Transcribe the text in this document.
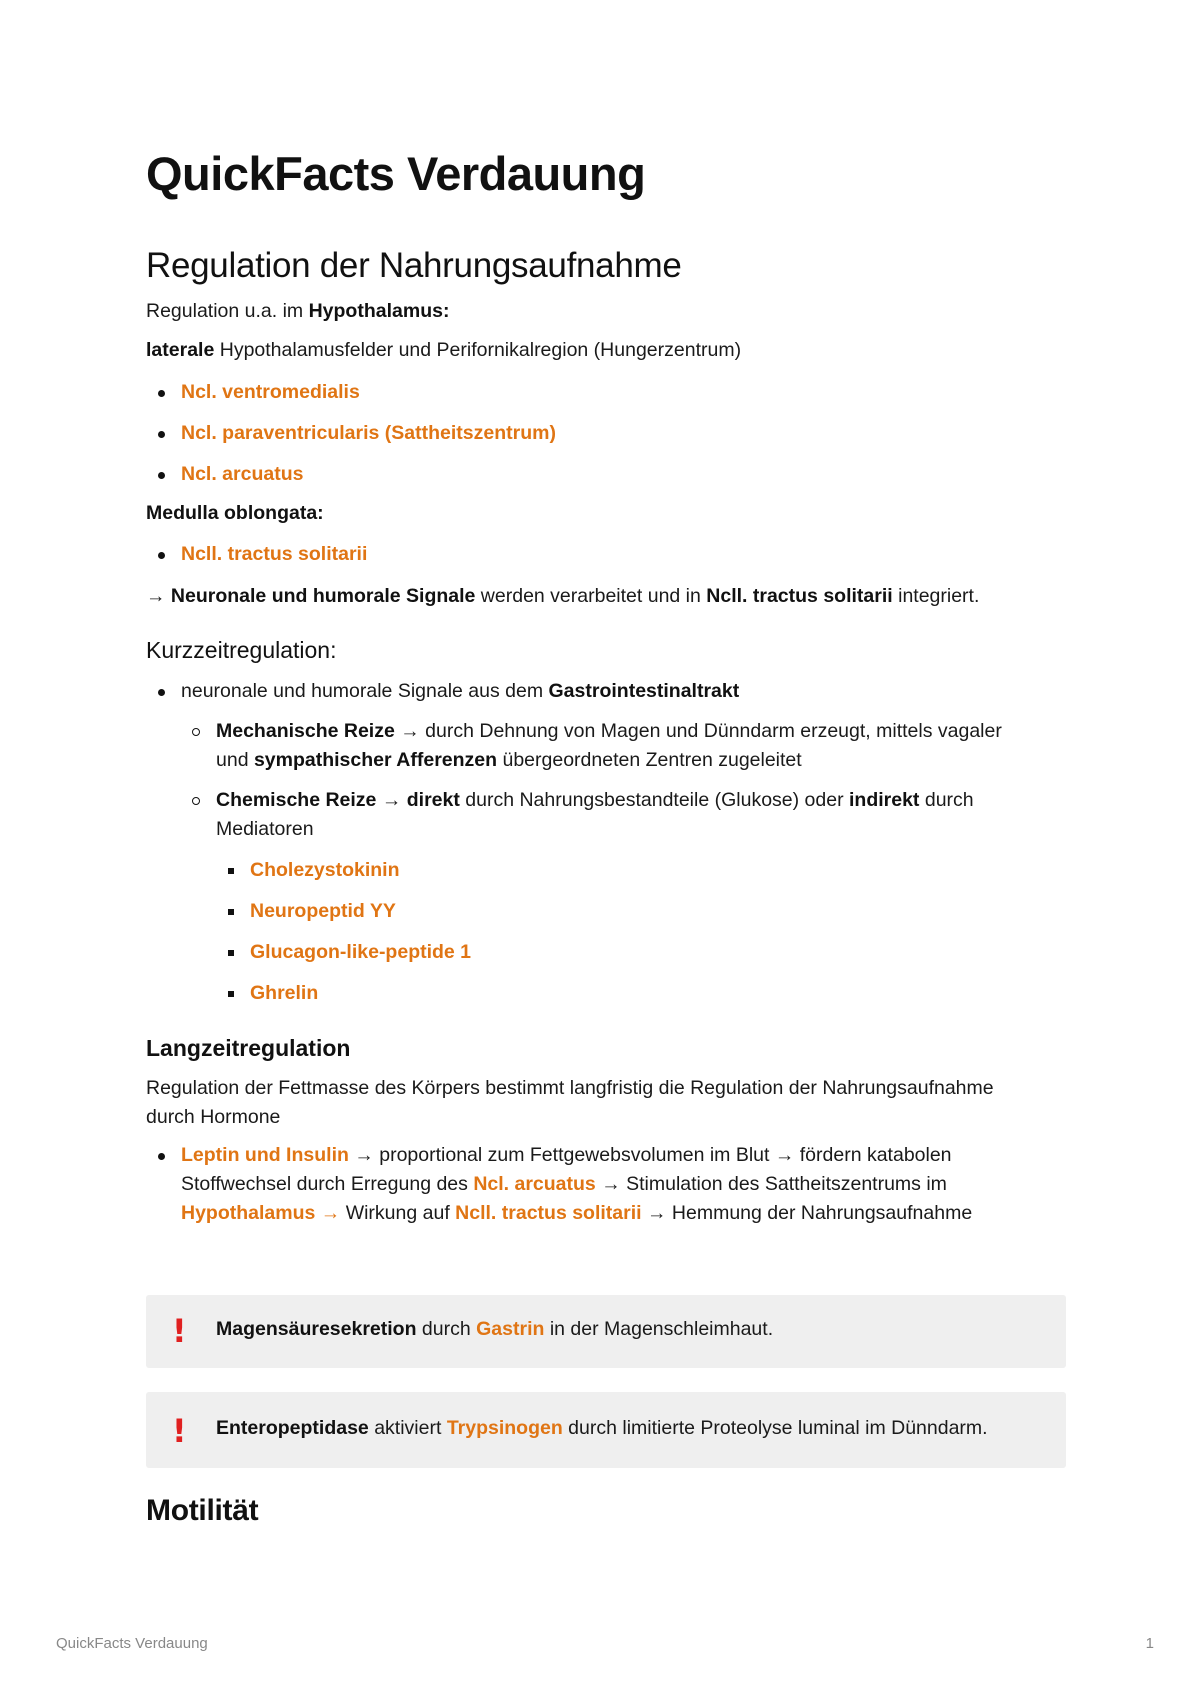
QuickFacts Verdauung
Regulation der Nahrungsaufnahme
Regulation u.a. im Hypothalamus:
laterale Hypothalamusfelder und Perifornikalregion (Hungerzentrum)
Ncl. ventromedialis
Ncl. paraventricularis (Sattheitszentrum)
Ncl. arcuatus
Medulla oblongata:
Ncll. tractus solitarii
→ Neuronale und humorale Signale werden verarbeitet und in Ncll. tractus solitarii integriert.
Kurzzeitregulation:
neuronale und humorale Signale aus dem Gastrointestinaltrakt
Mechanische Reize → durch Dehnung von Magen und Dünndarm erzeugt, mittels vagaler
und sympathischer Afferenzen übergeordneten Zentren zugeleitet
Chemische Reize → direkt durch Nahrungsbestandteile (Glukose) oder indirekt durch
Mediatoren
Cholezystokinin
Neuropeptid YY
Glucagon-like-peptide 1
Ghrelin
Langzeitregulation
Regulation der Fettmasse des Körpers bestimmt langfristig die Regulation der Nahrungsaufnahme
durch Hormone
Leptin und Insulin → proportional zum Fettgewebsvolumen im Blut → fördern katabolen
Stoffwechsel durch Erregung des Ncl. arcuatus → Stimulation des Sattheitszentrums im
Hypothalamus → Wirkung auf Ncll. tractus solitarii → Hemmung der Nahrungsaufnahme
! Magensäuresekretion durch Gastrin in der Magenschleimhaut.
! Enteropeptidase aktiviert Trypsinogen durch limitierte Proteolyse luminal im Dünndarm.
Motilität
QuickFacts Verdauung	1
